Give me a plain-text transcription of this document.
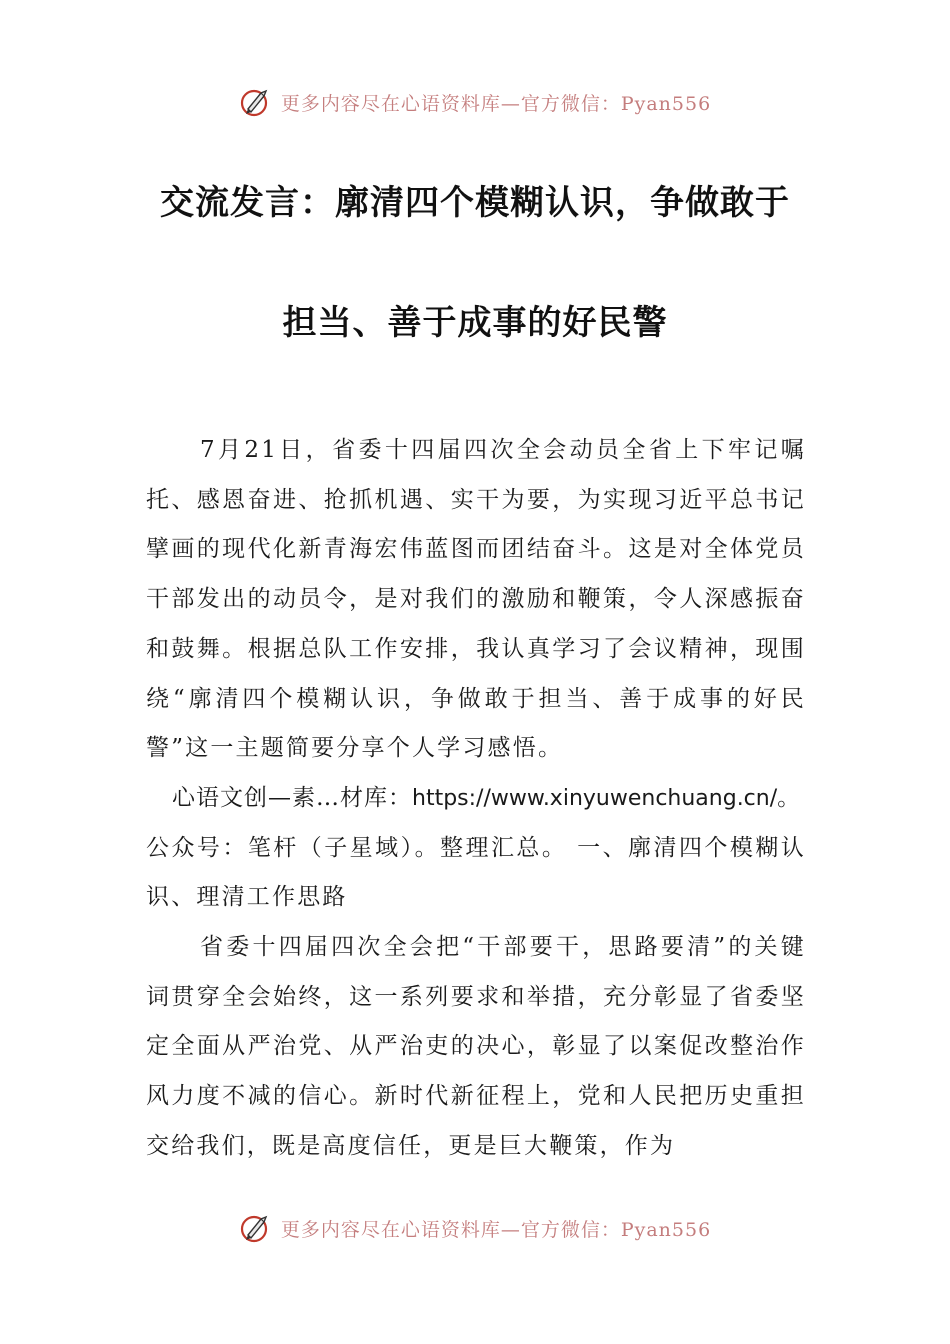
更多内容尽在心语资料库—官方微信：Pyan556
交流发言：廓清四个模糊认识，争做敢于
担当、善于成事的好民警

7月21日，省委十四届四次全会动员全省上下牢记嘱托、感恩奋进、抢抓机遇、实干为要，为实现习近平总书记擘画的现代化新青海宏伟蓝图而团结奋斗。这是对全体党员干部发出的动员令，是对我们的激励和鞭策，令人深感振奋和鼓舞。根据总队工作安排，我认真学习了会议精神，现围绕“廓清四个模糊认识，争做敢于担当、善于成事的好民警”这一主题简要分享个人学习感悟。

心语文创—素…材库：https://www.xinyuwenchuang.cn/。

公众号：笔杆（子星域）。整理汇总。 一、廓清四个模糊认识、理清工作思路

省委十四届四次全会把“干部要干，思路要清”的关键词贯穿全会始终，这一系列要求和举措，充分彰显了省委坚定全面从严治党、从严治吏的决心，彰显了以案促改整治作风力度不减的信心。新时代新征程上，党和人民把历史重担交给我们，既是高度信任，更是巨大鞭策，作为

更多内容尽在心语资料库—官方微信：Pyan556
